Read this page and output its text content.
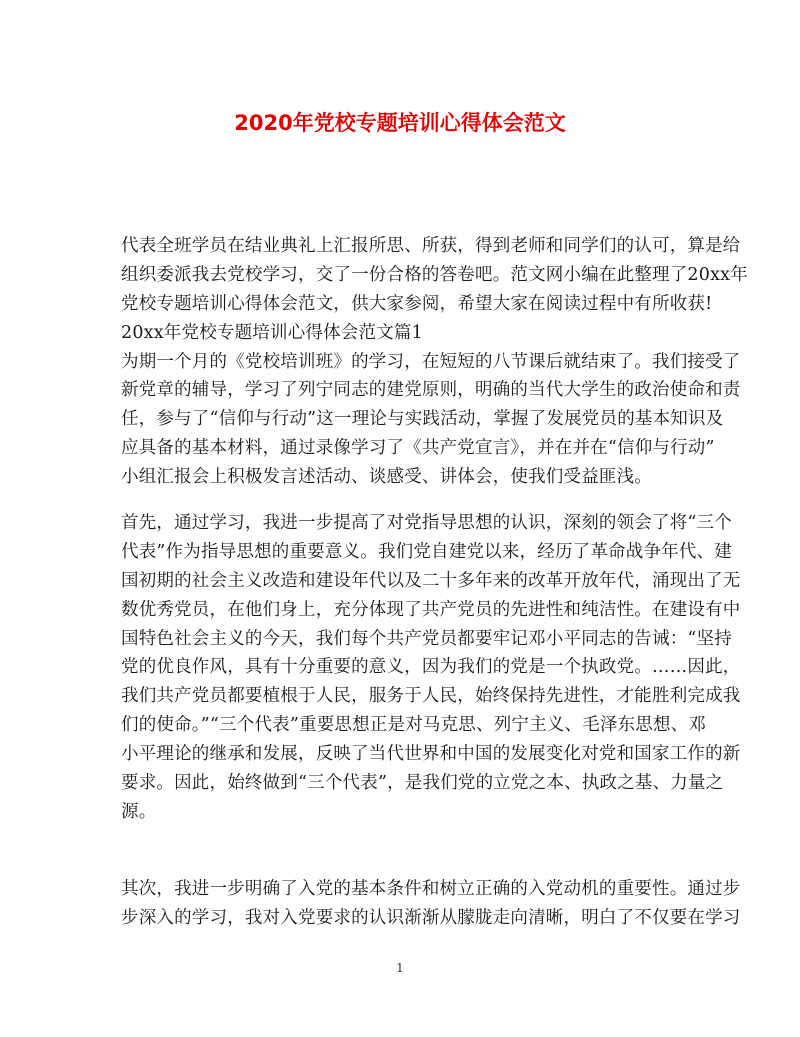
2020年党校专题培训心得体会范文
代表全班学员在结业典礼上汇报所思、所获，得到老师和同学们的认可，算是给
组织委派我去党校学习，交了一份合格的答卷吧。范文网小编在此整理了20xx年
党校专题培训心得体会范文，供大家参阅，希望大家在阅读过程中有所收获!
20xx年党校专题培训心得体会范文篇1
为期一个月的《党校培训班》的学习，在短短的八节课后就结束了。我们接受了
新党章的辅导，学习了列宁同志的建党原则，明确的当代大学生的政治使命和责
任，参与了“信仰与行动”这一理论与实践活动，掌握了发展党员的基本知识及
应具备的基本材料，通过录像学习了《共产党宣言》，并在并在“信仰与行动”
小组汇报会上积极发言述活动、谈感受、讲体会，使我们受益匪浅。
首先，通过学习，我进一步提高了对党指导思想的认识，深刻的领会了将“三个
代表”作为指导思想的重要意义。我们党自建党以来，经历了革命战争年代、建
国初期的社会主义改造和建设年代以及二十多年来的改革开放年代，涌现出了无
数优秀党员，在他们身上，充分体现了共产党员的先进性和纯洁性。在建设有中
国特色社会主义的今天，我们每个共产党员都要牢记邓小平同志的告诫：“坚持
党的优良作风，具有十分重要的意义，因为我们的党是一个执政党。……因此，
我们共产党员都要植根于人民，服务于人民，始终保持先进性，才能胜利完成我
们的使命。”“三个代表”重要思想正是对马克思、列宁主义、毛泽东思想、邓
小平理论的继承和发展，反映了当代世界和中国的发展变化对党和国家工作的新
要求。因此，始终做到“三个代表”，是我们党的立党之本、执政之基、力量之
源。
其次，我进一步明确了入党的基本条件和树立正确的入党动机的重要性。通过步
步深入的学习，我对入党要求的认识渐渐从朦胧走向清晰，明白了不仅要在学习
1
